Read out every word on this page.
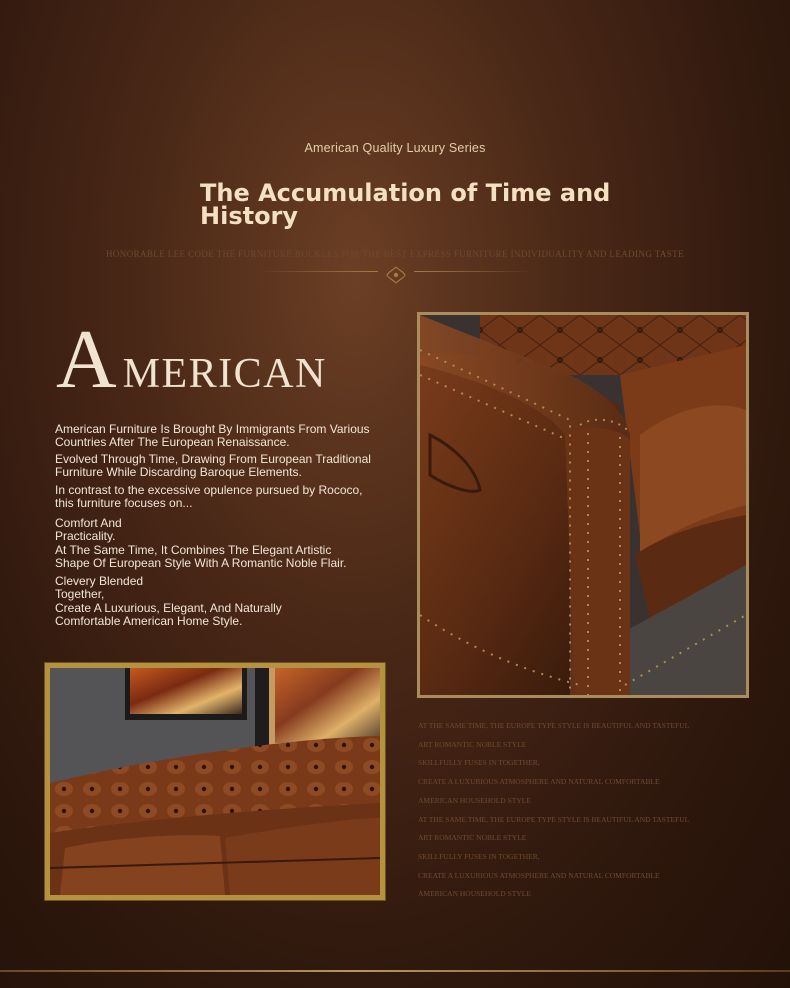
American Quality Luxury Series
The Accumulation of Time and
History
HONORABLE LEE CODE THE FURNITURE BUCKLES FOR THE BEST EXPRESS FURNITURE INDIVIDUALITY AND LEADING TASTE
AMERICAN
American Furniture Is Brought By Immigrants From Various
Countries After The European Renaissance.
Evolved Through Time, Drawing From European Traditional
Furniture While Discarding Baroque Elements.
In contrast to the excessive opulence pursued by Rococo,
this furniture focuses on...
Comfort And
Practicality.
At The Same Time, It Combines The Elegant Artistic
Shape Of European Style With A Romantic Noble Flair.
Clevery Blended
Together,
Create A Luxurious, Elegant, And Naturally
Comfortable American Home Style.
AT THE SAME TIME, THE EUROPE TYPE STYLE IS BEAUTIFUL AND TASTEFUL
ART ROMANTIC NOBLE STYLE
SKILLFULLY FUSES IN TOGETHER,
CREATE A LUXURIOUS ATMOSPHERE AND NATURAL COMFORTABLE
AMERICAN HOUSEHOLD STYLE
AT THE SAME TIME, THE EUROPE TYPE STYLE IS BEAUTIFUL AND TASTEFUL
ART ROMANTIC NOBLE STYLE
SKILLFULLY FUSES IN TOGETHER,
CREATE A LUXURIOUS ATMOSPHERE AND NATURAL COMFORTABLE
AMERICAN HOUSEHOLD STYLE
